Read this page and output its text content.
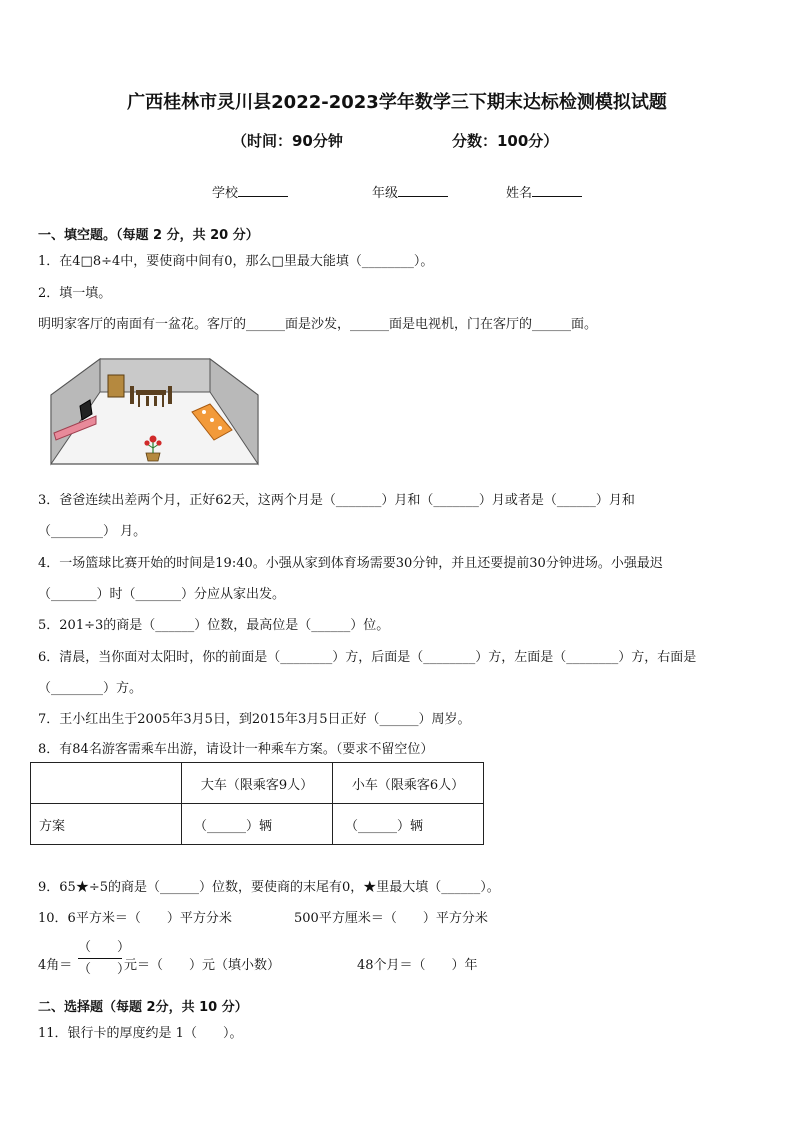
广西桂林市灵川县2022-2023学年数学三下期末达标检测模拟试题
（时间：90分钟	分数：100分）
学校	年级	姓名
一、填空题。（每题 2 分，共 20 分）
1．在4□8÷4中，要使商中间有0，那么□里最大能填（________）。
2．填一填。
明明家客厅的南面有一盆花。客厅的______面是沙发，______面是电视机，门在客厅的______面。
3．爸爸连续出差两个月，正好62天，这两个月是（_______）月和（_______）月或者是（______）月和
（________） 月。
4．一场篮球比赛开始的时间是19:40。小强从家到体育场需要30分钟，并且还要提前30分钟进场。小强最迟
（_______）时（_______）分应从家出发。
5．201÷3的商是（______）位数，最高位是（______）位。
6．清晨，当你面对太阳时，你的前面是（________）方，后面是（________）方，左面是（________）方，右面是
（________）方。
7．王小红出生于2005年3月5日，到2015年3月5日正好（______）周岁。
8．有84名游客需乘车出游，请设计一种乘车方案。（要求不留空位）
	大车（限乘客9人）	小车（限乘客6人）
方案	（______）辆	（______）辆
9．65★÷5的商是（______）位数，要使商的末尾有0，★里最大填（______）。
10．6平方米＝（　　）平方分米	500平方厘米＝（　　）平方分米
4角＝
（　　）
（　　）
元＝（　　）元（填小数）	48个月＝（　　）年
二、选择题（每题 2分，共 10 分）
11．银行卡的厚度约是 1（　　）。
